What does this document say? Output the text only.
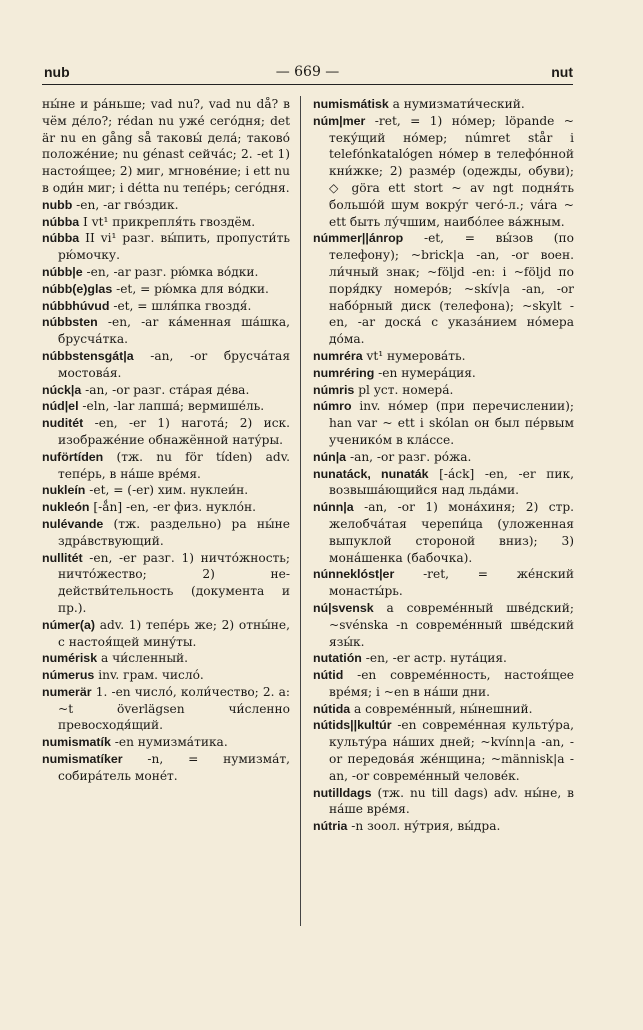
nub	— 669 —	nut

ны́не и ра́ньше; vad nu?, vad nu då? в чём де́ло?; rédan nu уже́ сего́дня; det är nu en gång så таковы́ дела́; таково́ положе́ние; nu génast сейча́с; 2. -et 1) настоя́щее; 2) миг, мгнове́ние; i ett nu в оди́н миг; i détta nu тепе́рь; сего́дня.

nubb -en, -ar гво́здик.

núbba I vt¹ прикрепля́ть гвоздём.

núbba II vi¹ разг. вы́пить, пропусти́ть рю́мочку.

núbb|e -en, -ar разг. рю́мка во́дки.

núbb(e)glas -et, = рю́мка для во́дки.

núbbhúvud -et, = шля́пка гвоздя́.

núbbsten -en, -ar ка́менная ша́шка, брусча́тка.

núbbstensgát|a -an, -or брусча́тая мостова́я.

núck|a -an, -or разг. ста́рая де́ва.

núd|el -eln, -lar лапша́; вермише́ль.

nuditét -en, -er 1) нагота́; 2) иск. изображе́ние обнажённой нату́ры.

nuförtíden (тж. nu för tíden) adv. тепе́рь, в на́ше вре́мя.

nukleín -et, = (-er) хим. нуклеи́н.

nukleón [-ǻn] -en, -er физ. нукло́н.

nulévande (тж. раздельно) ра ны́не здра́вствующий.

nullitét -en, -er разг. 1) ничто́жность; ничто́жество; 2) недействи́тельность (документа и пр.).

númer(a) adv. 1) тепе́рь же; 2) отны́не, с настоя́щей мину́ты.

numérisk a чи́сленный.

númerus inv. грам. число́.

numerär 1. -en число́, коли́чество; 2. a: ~t överlägsen чи́сленно превосходя́щий.

numismatík -en нумизма́тика.

numismatíker -n, = нумизма́т, собира́тель моне́т.

numismátisk a нумизмати́ческий.

núm|mer -ret, = 1) но́мер; löpande ~ теку́щий но́мер; númret står i telefónkatalógen но́мер в телефо́нной кни́жке; 2) разме́р (одежды, обуви); ◇ göra ett stort ~ av ngt подня́ть большо́й шум вокру́г чего́-л.; vára ~ ett быть лу́чшим, наибо́лее ва́жным.

númmer||ánrop -et, = вы́зов (по телефону); ~brick|a -an, -or воен. ли́чный знак; ~följd -en: i ~följd по поря́дку номеро́в; ~skív|a -an, -or набо́рный диск (телефона); ~skylt -en, -ar доска́ с указа́нием но́мера до́ма.

numréra vt¹ нумерова́ть.

numréring -en нумера́ция.

númris pl уст. номера́.

númro inv. но́мер (при перечислении); han var ~ ett i skólan он был пе́рвым ученико́м в кла́ссе.

nún|a -an, -or разг. ро́жа.

nunatáck, nunaták [-áck] -en, -er пик, возвыша́ющийся над льда́ми.

núnn|a -an, -or 1) мона́хиня; 2) стр. желобча́тая черепи́ца (уложенная выпуклой стороной вниз); 3) мона́шенка (бабочка).

núnneklóst|er -ret, = же́нский монасты́рь.

nú|svensk a совреме́нный шве́дский; ~svénska -n совреме́нный шве́дский язы́к.

nutatión -en, -er астр. нута́ция.

nútid -en совреме́нность, настоя́щее вре́мя; i ~en в на́ши дни.

nútida a совреме́нный, ны́нешний.

nútids||kultúr -en совреме́нная культу́ра, культу́ра на́ших дней; ~kvínn|a -an, -or передова́я же́нщина; ~människ|a -an, -or совреме́нный челове́к.

nutilldags (тж. nu till dags) adv. ны́не, в на́ше вре́мя.

nútria -n зоол. ну́трия, вы́дра.
